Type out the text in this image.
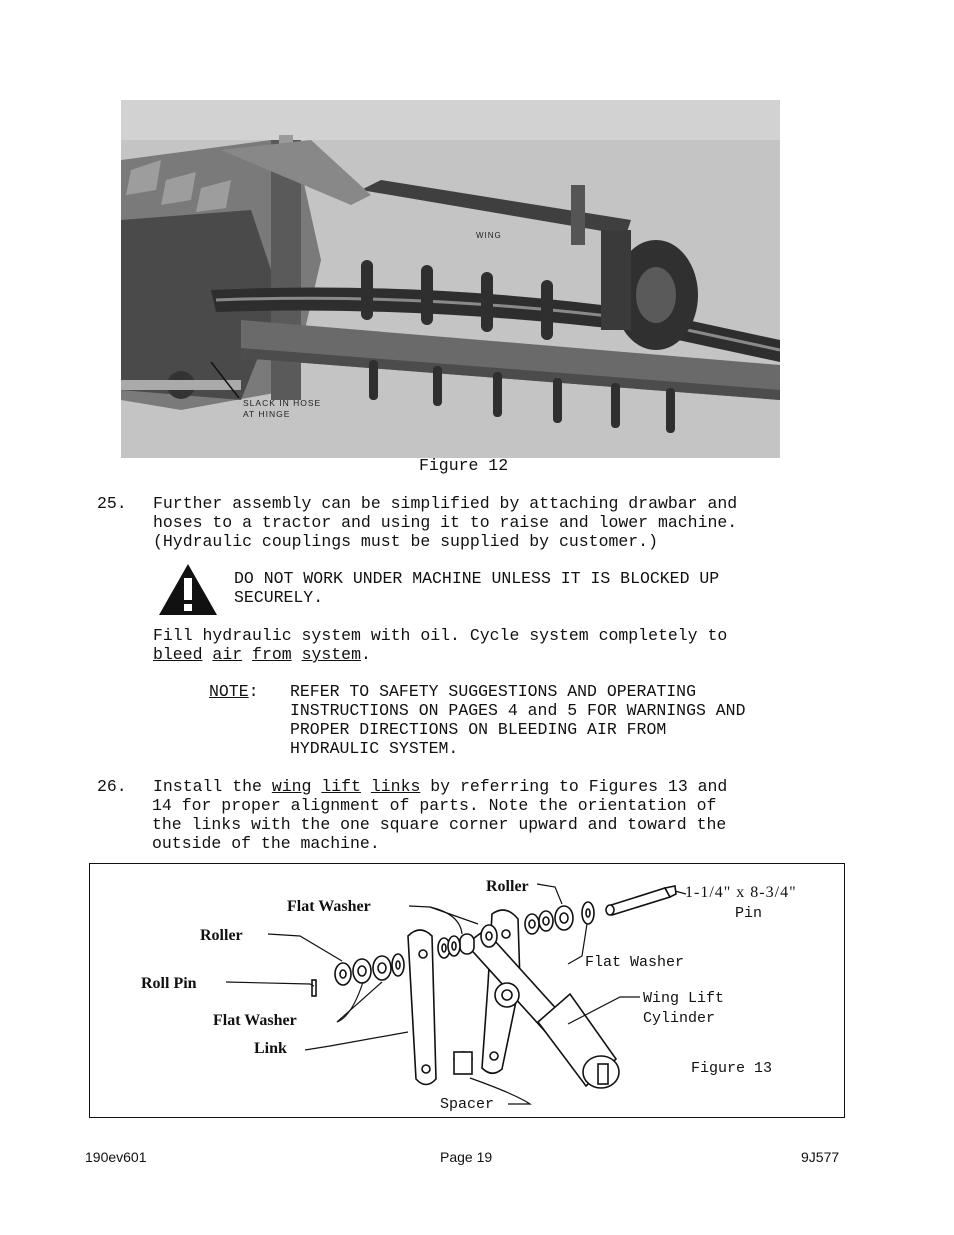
WING
SLACK IN HOSE
AT HINGE
Figure 12
25. Further assembly can be simplified by attaching drawbar and
hoses to a tractor and using it to raise and lower machine.
(Hydraulic couplings must be supplied by customer.)
DO NOT WORK UNDER MACHINE UNLESS IT IS BLOCKED UP
SECURELY.
Fill hydraulic system with oil. Cycle system completely to
bleed air from system.
NOTE: REFER TO SAFETY SUGGESTIONS AND OPERATING
INSTRUCTIONS ON PAGES 4 and 5 FOR WARNINGS AND
PROPER DIRECTIONS ON BLEEDING AIR FROM
HYDRAULIC SYSTEM.
26. Install the wing lift links by referring to Figures 13 and
14 for proper alignment of parts. Note the orientation of
the links with the one square corner upward and toward the
outside of the machine.
Roller
Flat Washer
1-1/4" x 8-3/4"
Pin
Roller
Flat Washer
Roll Pin
Wing Lift
Cylinder
Flat Washer
Link
Figure 13
Spacer
190ev601	Page 19	9J577
